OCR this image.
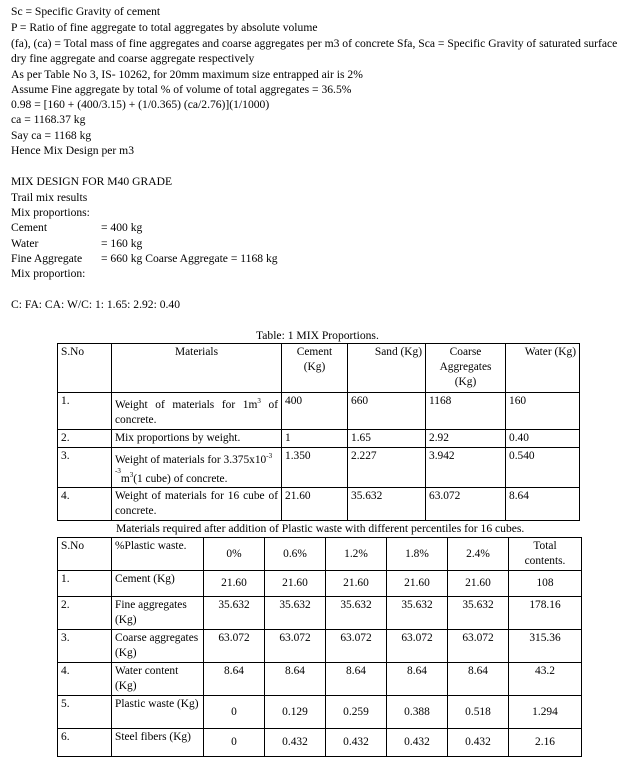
Sc = Specific Gravity of cement
P = Ratio of fine aggregate to total aggregates by absolute volume
(fa), (ca) = Total mass of fine aggregates and coarse aggregates per m3 of concrete Sfa, Sca = Specific Gravity of saturated surface
dry fine aggregate and coarse aggregate respectively
As per Table No 3, IS- 10262, for 20mm maximum size entrapped air is 2%
Assume Fine aggregate by total % of volume of total aggregates = 36.5%
0.98 = [160 + (400/3.15) + (1/0.365) (ca/2.76)](1/1000)
ca = 1168.37 kg
Say ca = 1168 kg
Hence Mix Design per m3
MIX DESIGN FOR M40 GRADE
Trail mix results
Mix proportions:
Cement	= 400 kg
Water	= 160 kg
Fine Aggregate = 660 kg Coarse Aggregate = 1168 kg
Mix proportion:
C: FA: CA: W/C: 1: 1.65: 2.92: 0.40
Table: 1 MIX Proportions.
S.No	Materials	Cement (Kg)	Sand (Kg)	Coarse Aggregates (Kg)	Water (Kg)
1.	Weight of materials for $1m^3$ of concrete.	400	660	1168	160
2.	Mix proportions by weight.	1	1.65	2.92	0.40
3.	Weight of materials for $3.375x10^{-3}$
$^{-3}m^3(1$ cube) of concrete.	1.350	2.227	3.942	0.540
4.	Weight of materials for 16 cube of concrete.	21.60	35.632	63.072	8.64
Materials required after addition of Plastic waste with different percentiles for 16 cubes.
S.No	%Plastic waste.	0%	0.6%	1.2%	1.8%	2.4%	Total contents.
1.	Cement (Kg)	21.60	21.60	21.60	21.60	21.60	108
2.	Fine aggregates (Kg)	35.632	35.632	35.632	35.632	35.632	178.16
3.	Coarse aggregates (Kg)	63.072	63.072	63.072	63.072	63.072	315.36
4.	Water content (Kg)	8.64	8.64	8.64	8.64	8.64	43.2
5.	Plastic waste (Kg)	0	0.129	0.259	0.388	0.518	1.294
6.	Steel fibers (Kg)	0	0.432	0.432	0.432	0.432	2.16
